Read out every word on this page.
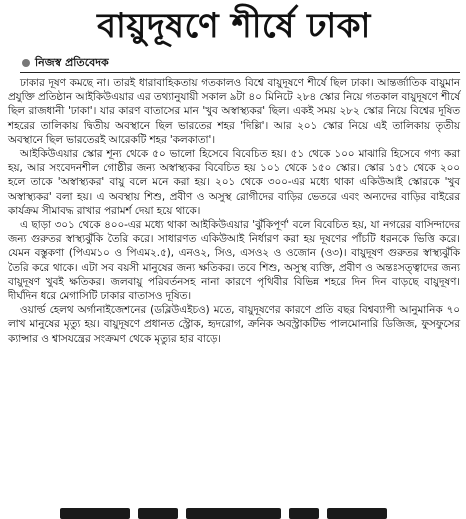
বায়ুদূষণে শীর্ষে ঢাকা
নিজস্ব প্রতিবেদক

ঢাকার দূষণ কমছে না। তারই ধারাবাহিকতায় গতকালও বিশ্বে বায়ুদূষণে শীর্ষে ছিল ঢাকা। আন্তর্জাতিক বায়ুমান প্রযুক্তি প্রতিষ্ঠান আইকিউএয়ার এর তথ্যানুযায়ী সকাল ৯টা ৪০ মিনিটে ২৮৪ স্কোর নিয়ে গতকাল বায়ুদূষণে শীর্ষে ছিল রাজধানী 'ঢাকা'। যার কারণ বাতাসের মান 'খুব অস্বাস্থ্যকর' ছিল। একই সময় ২৮২ স্কোর নিয়ে বিশ্বের দূষিত শহরের তালিকায় দ্বিতীয় অবস্থানে ছিল ভারতের শহর 'দিল্লি'। আর ২০১ স্কোর নিয়ে এই তালিকায় তৃতীয় অবস্থানে ছিল ভারতেরই আরেকটি শহর 'কলকাতা'।

আইকিউএয়ার স্কোর শূন্য থেকে ৫০ ভালো হিসেবে বিবেচিত হয়। ৫১ থেকে ১০০ মাঝারি হিসেবে গণ্য করা হয়, আর সংবেদনশীল গোষ্ঠীর জন্য অস্বাস্থ্যকর বিবেচিত হয় ১০১ থেকে ১৫০ স্কোর। স্কোর ১৫১ থেকে ২০০ হলে তাকে 'অস্বাস্থ্যকর' বায়ু বলে মনে করা হয়। ২০১ থেকে ৩০০-এর মধ্যে থাকা একিউআই স্কোরকে 'খুব অস্বাস্থ্যকর' বলা হয়। এ অবস্থায় শিশু, প্রবীণ ও অসুস্থ রোগীদের বাড়ির ভেতরে এবং অন্যদের বাড়ির বাইরের কার্যক্রম সীমাবদ্ধ রাখার পরামর্শ দেয়া হয়ে থাকে।

এ ছাড়া ৩০১ থেকে ৪০০-এর মধ্যে থাকা আইকিউএয়ার 'ঝুঁকিপূর্ণ' বলে বিবেচিত হয়, যা নগরের বাসিন্দাদের জন্য গুরুতর স্বাস্থ্যঝুঁকি তৈরি করে। সাধারণত একিউআই নির্ধারণ করা হয় দূষণের পাঁচটি ধরনকে ভিত্তি করে। যেমন বস্তুকণা (পিএম১০ ও পিএম২.৫), এনও২, সিও, এসও২ ও ওজোন (ও৩)। বায়ুদূষণ গুরুতর স্বাস্থ্যঝুঁকি তৈরি করে থাকে। এটা সব বয়সী মানুষের জন্য ক্ষতিকর। তবে শিশু, অসুস্থ ব্যক্তি, প্রবীণ ও অন্তঃসত্ত্বাদের জন্য বায়ুদূষণ খুবই ক্ষতিকর। জলবায়ু পরিবর্তনসহ নানা কারণে পৃথিবীর বিভিন্ন শহরে দিন দিন বাড়ছে বায়ুদূষণ। দীর্ঘদিন ধরে মেগাসিটি ঢাকার বাতাসও দূষিত।

ওয়ার্ল্ড হেলথ অর্গানাইজেশনের (ডব্লিউএইচও) মতে, বায়ুদূষণের কারণে প্রতি বছর বিশ্বব্যাপী আনুমানিক ৭০ লাখ মানুষের মৃত্যু হয়। বায়ুদূষণে প্রধানত স্ট্রোক, হৃদরোগ, ক্রনিক অবস্ট্রাকটিভ পালমোনারি ডিজিজ, ফুসফুসের ক্যান্সার ও শ্বাসযন্ত্রের সংক্রমণ থেকে মৃত্যুর হার বাড়ে।
